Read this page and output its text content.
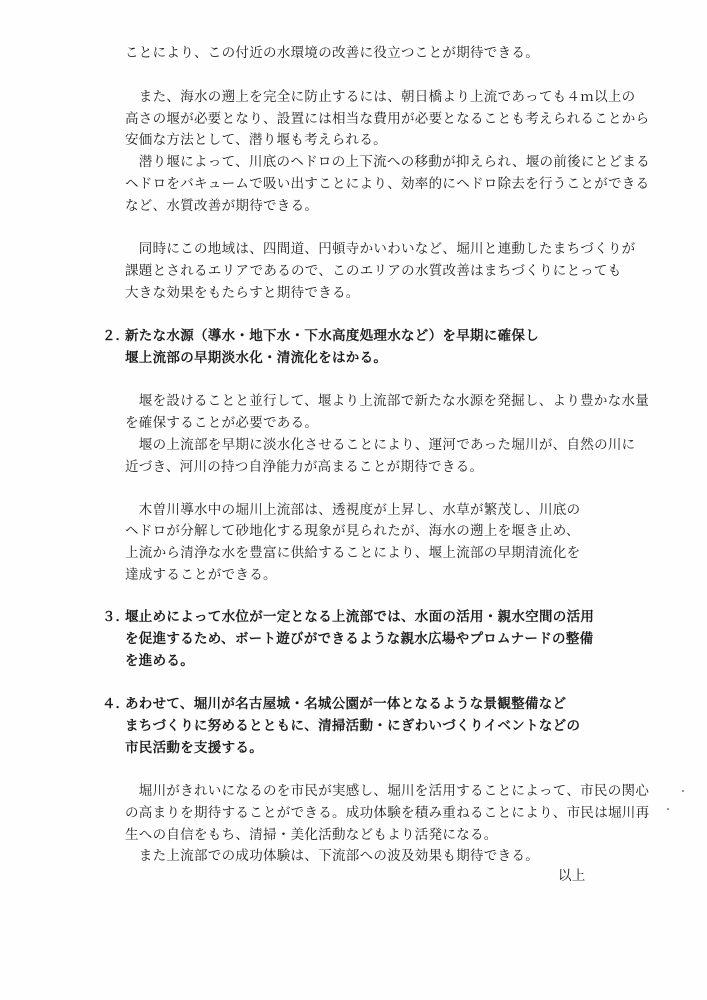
ことにより、この付近の水環境の改善に役立つことが期待できる。
　また、海水の遡上を完全に防止するには、朝日橋より上流であっても４ｍ以上の
高さの堰が必要となり、設置には相当な費用が必要となることも考えられることから
安価な方法として、潜り堰も考えられる。
　潜り堰によって、川底のヘドロの上下流への移動が抑えられ、堰の前後にとどまる
ヘドロをバキュームで吸い出すことにより、効率的にヘドロ除去を行うことができる
など、水質改善が期待できる。
　同時にこの地域は、四間道、円頓寺かいわいなど、堀川と連動したまちづくりが
課題とされるエリアであるので、このエリアの水質改善はまちづくりにとっても
大きな効果をもたらすと期待できる。
２．
新たな水源（導水・地下水・下水高度処理水など）を早期に確保し
堰上流部の早期淡水化・清流化をはかる。
　堰を設けることと並行して、堰より上流部で新たな水源を発掘し、より豊かな水量
を確保することが必要である。
　堰の上流部を早期に淡水化させることにより、運河であった堀川が、自然の川に
近づき、河川の持つ自浄能力が高まることが期待できる。
　木曽川導水中の堀川上流部は、透視度が上昇し、水草が繁茂し、川底の
ヘドロが分解して砂地化する現象が見られたが、海水の遡上を堰き止め、
上流から清浄な水を豊富に供給することにより、堰上流部の早期清流化を
達成することができる。
３．
堰止めによって水位が一定となる上流部では、水面の活用・親水空間の活用
を促進するため、ボート遊びができるような親水広場やプロムナードの整備
を進める。
４．
あわせて、堀川が名古屋城・名城公園が一体となるような景観整備など
まちづくりに努めるとともに、清掃活動・にぎわいづくりイベントなどの
市民活動を支援する。
　堀川がきれいになるのを市民が実感し、堀川を活用することによって、市民の関心
の高まりを期待することができる。成功体験を積み重ねることにより、市民は堀川再
生への自信をもち、清掃・美化活動などもより活発になる。
　また上流部での成功体験は、下流部への波及効果も期待できる。
以上
